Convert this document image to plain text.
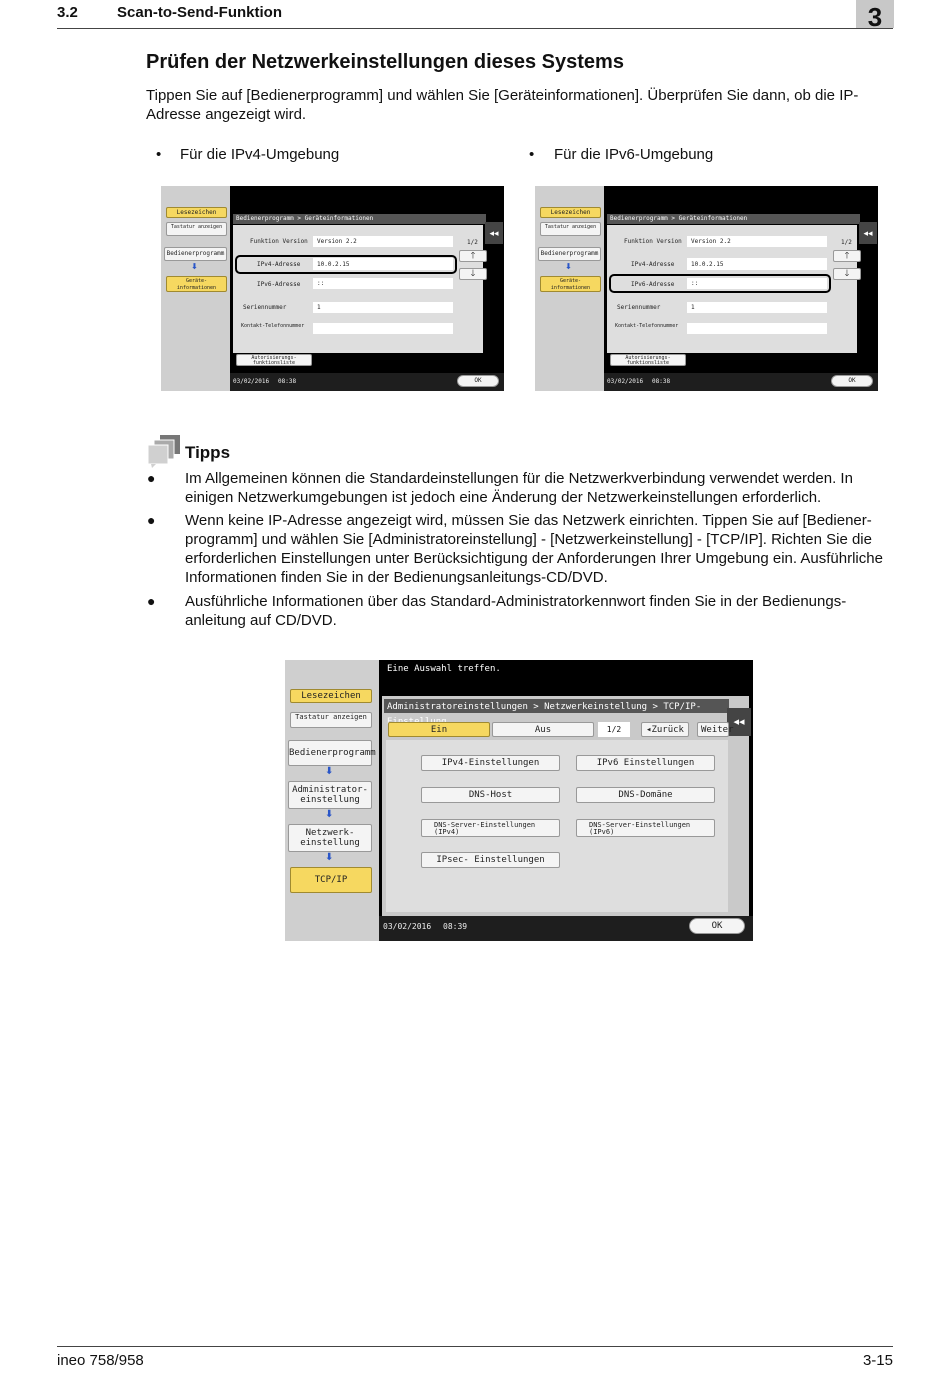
3.2	Scan-to-Send-Funktion	3
Prüfen der Netzwerkeinstellungen dieses Systems
Tippen Sie auf [Bedienerprogramm] und wählen Sie [Geräteinformationen]. Überprüfen Sie dann, ob die IP-Adresse angezeigt wird.
• Für die IPv4-Umgebung	• Für die IPv6-Umgebung
Lesezeichen
Tastatur anzeigen
Bedienerprogramm
⬇
Geräte-informationen
Bedienerprogramm > Geräteinformationen
◂◂
Funktion Version Version 2.2
IPv4-Adresse	10.0.2.15
IPv6-Adresse	::
Seriennummer	1
Kontakt-Telefonnummer
1/2
🡑
🡓
Autorisierungs-funktionsliste
03/02/2016 08:38	OK
Lesezeichen
Tastatur anzeigen
Bedienerprogramm
⬇
Geräte-informationen
Bedienerprogramm > Geräteinformationen
◂◂
Funktion Version Version 2.2
IPv4-Adresse	10.0.2.15
IPv6-Adresse	::
Seriennummer	1
Kontakt-Telefonnummer
1/2
🡑
🡓
Autorisierungs-funktionsliste
03/02/2016 08:38	OK
Tipps
● Im Allgemeinen können die Standardeinstellungen für die Netzwerkverbindung verwendet werden. In einigen Netzwerkumgebungen ist jedoch eine Änderung der Netzwerkeinstellungen erforderlich.
● Wenn keine IP-Adresse angezeigt wird, müssen Sie das Netzwerk einrichten. Tippen Sie auf [Bediener-programm] und wählen Sie [Administratoreinstellung] - [Netzwerkeinstellung] - [TCP/IP]. Richten Sie die erforderlichen Einstellungen unter Berücksichtigung der Anforderungen Ihrer Umgebung ein. Ausführliche Informationen finden Sie in der Bedienungsanleitungs-CD/DVD.
● Ausführliche Informationen über das Standard-Administratorkennwort finden Sie in der Bedienungs-anleitung auf CD/DVD.
Eine Auswahl treffen.
Lesezeichen
Tastatur anzeigen
Bedienerprogramm
⬇
Administrator-einstellung
⬇
Netzwerk-einstellung
⬇
TCP/IP
Administratoreinstellungen > Netzwerkeinstellung > TCP/IP-
◂◂
Ein	Aus	1/2	◂Zurück	Weiter
IPv4-Einstellungen	IPv6 Einstellungen
DNS-Host	DNS-Domäne
DNS-Server-Einstellungen (IPv4)
DNS-Server-Einstellungen (IPv6)
IPsec- Einstellungen
03/02/2016 08:39	OK
ineo 758/958	3-15
